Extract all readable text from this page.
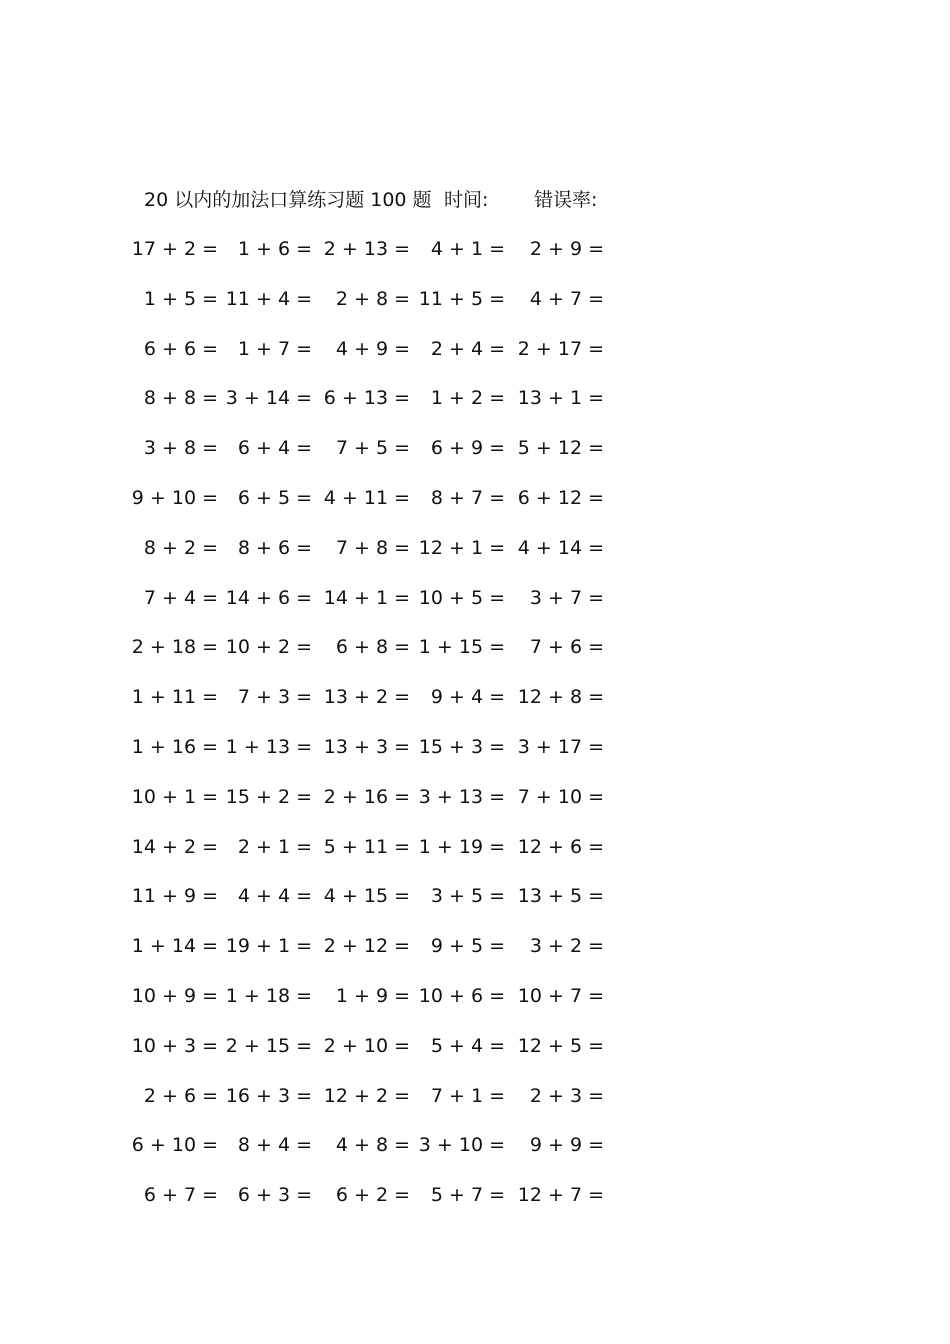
20 以内的加法口算练习题 100 题 时间: 错误率:
17 + 2 =	1 + 6 = 2 + 13 =	4 + 1 =	2 + 9 =
1 + 5 = 11 + 4 =	2 + 8 = 11 + 5 =	4 + 7 =
6 + 6 =	1 + 7 =	4 + 9 =	2 + 4 = 2 + 17 =
8 + 8 = 3 + 14 = 6 + 13 =	1 + 2 = 13 + 1 =
3 + 8 =	6 + 4 =	7 + 5 =	6 + 9 = 5 + 12 =
9 + 10 =	6 + 5 = 4 + 11 =	8 + 7 = 6 + 12 =
8 + 2 =	8 + 6 =	7 + 8 = 12 + 1 = 4 + 14 =
7 + 4 = 14 + 6 = 14 + 1 = 10 + 5 =	3 + 7 =
2 + 18 = 10 + 2 =	6 + 8 = 1 + 15 =	7 + 6 =
1 + 11 =	7 + 3 = 13 + 2 =	9 + 4 = 12 + 8 =
1 + 16 = 1 + 13 = 13 + 3 = 15 + 3 = 3 + 17 =
10 + 1 = 15 + 2 = 2 + 16 = 3 + 13 = 7 + 10 =
14 + 2 =	2 + 1 = 5 + 11 = 1 + 19 = 12 + 6 =
11 + 9 =	4 + 4 = 4 + 15 =	3 + 5 = 13 + 5 =
1 + 14 = 19 + 1 = 2 + 12 =	9 + 5 =	3 + 2 =
10 + 9 = 1 + 18 =	1 + 9 = 10 + 6 = 10 + 7 =
10 + 3 = 2 + 15 = 2 + 10 =	5 + 4 = 12 + 5 =
2 + 6 = 16 + 3 = 12 + 2 =	7 + 1 =	2 + 3 =
6 + 10 =	8 + 4 =	4 + 8 = 3 + 10 =	9 + 9 =
6 + 7 =	6 + 3 =	6 + 2 =	5 + 7 = 12 + 7 =
